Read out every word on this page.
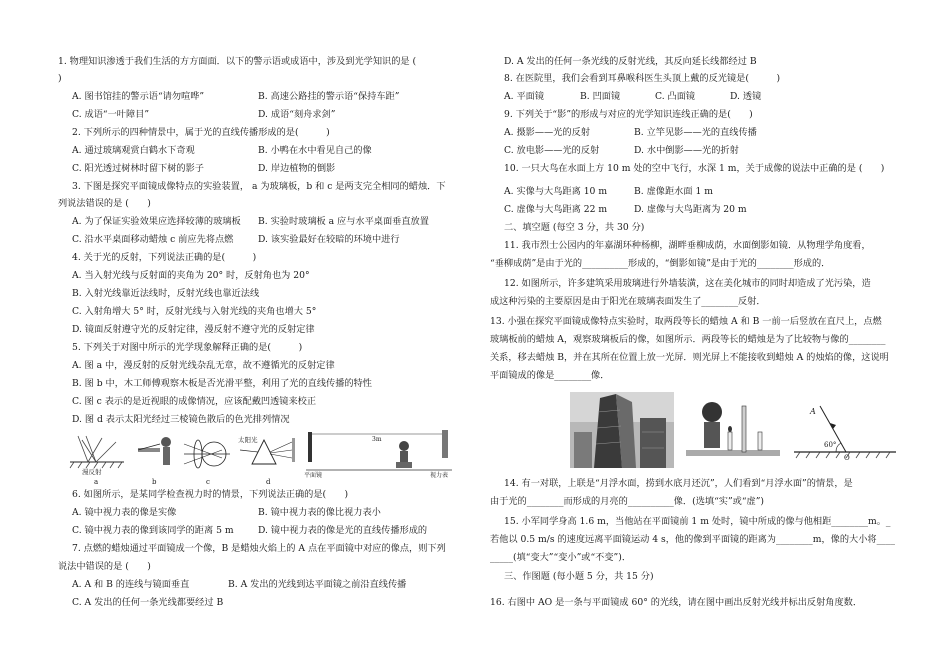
1. 物理知识渗透于我们生活的方方面面．以下的警示语或成语中，涉及到光学知识的是 (
)
A. 图书馆挂的警示语“请勿喧哗”	B. 高速公路挂的警示语“保持车距”
C. 成语“一叶障目”	D. 成语“刻舟求剑”
2. 下列所示的四种情景中，属于光的直线传播形成的是(　　　)
A. 通过玻璃观赏白鹤水下奇观	B. 小鸭在水中看见自己的像
C. 阳光透过树林时留下树的影子	D. 岸边植物的倒影
3. 下图是探究平面镜成像特点的实验装置， a 为玻璃板，b 和 c 是两支完全相同的蜡烛．下
列说法错误的是 (　　)
A. 为了保证实验效果应选择较薄的玻璃板 B. 实验时玻璃板 a 应与水平桌面垂直放置
C. 沿水平桌面移动蜡烛 c 前应先将点燃	D. 该实验最好在较暗的环境中进行
4. 关于光的反射，下列说法正确的是(　　　)
A. 当入射光线与反射面的夹角为 20° 时，反射角也为 20°
B. 入射光线靠近法线时，反射光线也靠近法线
C. 入射角增大 5° 时，反射光线与入射光线的夹角也增大 5°
D. 镜面反射遵守光的反射定律，漫反射不遵守光的反射定律
5. 下列关于对图中所示的光学现象解释正确的是(　　　)
A. 图 a 中，漫反射的反射光线杂乱无章，故不遵循光的反射定律
B. 图 b 中，木工师傅观察木板是否光滑平整，利用了光的直线传播的特性
C. 图 c 表示的是近视眼的成像情况，应该配戴凹透镜来校正
D. 图 d 表示太阳光经过三棱镜色散后的色光排列情况
漫反射
a	b	c
太阳光
d
平面镜
3m
视力表
6. 如图所示，是某同学检查视力时的情景，下列说法正确的是(　　)
A. 镜中视力表的像是实像	B. 镜中视力表的像比视力表小
C. 镜中视力表的像到该同学的距离 5 m	D. 镜中视力表的像是光的直线传播形成的
7. 点燃的蜡烛通过平面镜成一个像，B 是蜡烛火焰上的 A 点在平面镜中对应的像点，则下列
说法中错误的是 (　　)
A. A 和 B 的连线与镜面垂直	B. A 发出的光线到达平面镜之前沿直线传播
C. A 发出的任何一条光线都要经过 B
D. A 发出的任何一条光线的反射光线，其反向延长线都经过 B
8. 在医院里，我们会看到耳鼻喉科医生头顶上戴的反光镜是(　　　)
A. 平面镜	B. 凹面镜	C. 凸面镜	D. 透镜
9. 下列关于“影”的形成与对应的光学知识连线正确的是(　　)
A. 摄影——光的反射	B. 立竿见影——光的直线传播
C. 放电影——光的反射	D. 水中倒影——光的折射
10. 一只大鸟在水面上方 10 m 处的空中飞行，水深 1 m，关于成像的说法中正确的是 (　　)
A. 实像与大鸟距离 10 m	B. 虚像距水面 1 m
C. 虚像与大鸟距离 22 m	D. 虚像与大鸟距离为 20 m
二、填空题 (每空 3 分，共 30 分)
11. 我市烈士公园内的年嘉湖环种杨柳，湖畔垂柳成荫，水面倒影如镜．从物理学角度看，
“垂柳成荫”是由于光的__________形成的，“倒影如镜”是由于光的________形成的．
12. 如图所示，许多建筑采用玻璃进行外墙装潢，这在美化城市的同时却造成了光污染，造
成这种污染的主要原因是由于阳光在玻璃表面发生了________反射．
13. 小强在探究平面镜成像特点实验时，取两段等长的蜡烛 A 和 B 一前一后竖放在直尺上，点燃
玻璃板前的蜡烛 A，观察玻璃板后的像，如图所示．两段等长的蜡烛是为了比较物与像的________
关系，移去蜡烛 B，并在其所在位置上放一光屏．则光屏上不能接收到蜡烛 A 的烛焰的像，这说明
平面镜成的像是________像．
A
O
60°
14. 有一对联，上联是“月浮水面，捞到水底月还沉”，人们看到“月浮水面”的情景，是
由于光的________而形成的月亮的__________像．(选填“实”或“虚”)
15. 小军同学身高 1.6 m，当他站在平面镜前 1 m 处时，镜中所成的像与他相距________m。_
若他以 0.5 m/s 的速度远离平面镜运动 4 s，他的像到平面镜的距离为________m，像的大小将____
_____(填“变大”“变小”或“不变”)．
三、作图题 (每小题 5 分，共 15 分)
16. 右图中 AO 是一条与平面镜成 60° 的光线，请在图中画出反射光线并标出反射角度数．
